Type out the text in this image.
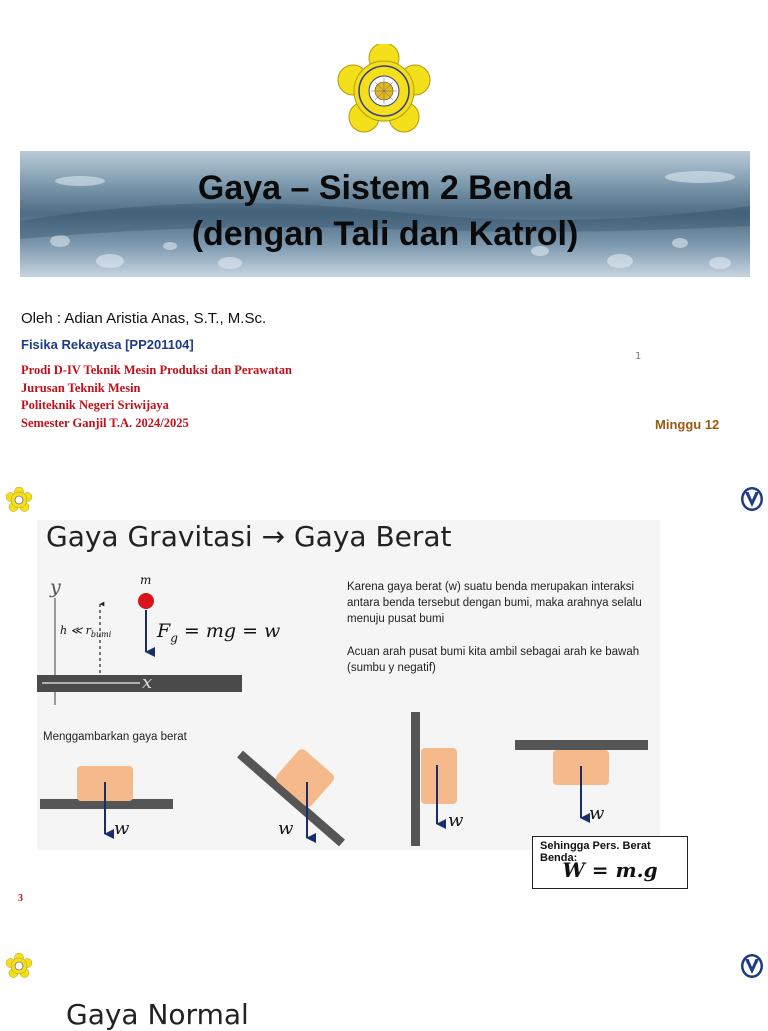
Gaya – Sistem 2 Benda
(dengan Tali dan Katrol)
Oleh : Adian Aristia Anas, S.T., M.Sc.
Fisika Rekayasa [PP201104]
1
Prodi D-IV Teknik Mesin Produksi dan Perawatan
Jurusan Teknik Mesin
Politeknik Negeri Sriwijaya
Semester Ganjil T.A. 2024/2025	Minggu 12
Gaya Gravitasi → Gaya Berat
y
x
m
h ≪ $r_{bumi}$ $F_g$ = mg = w
Karena gaya berat (w) suatu benda merupakan interaksi antara benda tersebut dengan bumi, maka arahnya selalu menuju pusat bumi
Acuan arah pusat bumi kita ambil sebagai arah ke bawah (sumbu y negatif)
Menggambarkan gaya berat
w	w	w	w
Sehingga Pers. Berat Benda:
W = m.g
3
Gaya Normal
